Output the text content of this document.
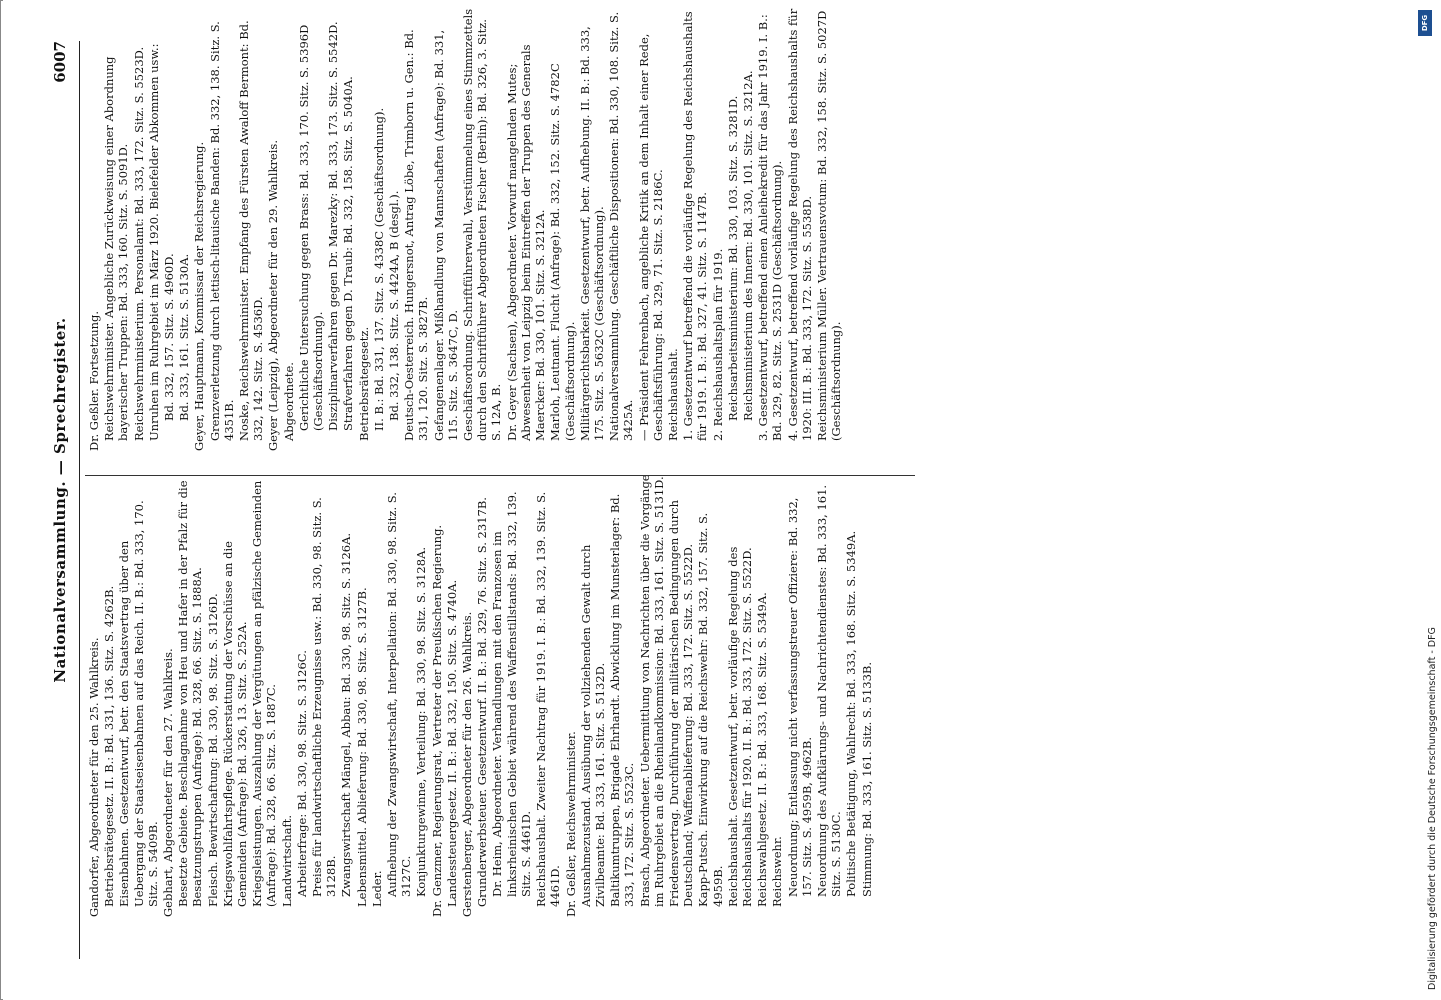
Nationalversammlung. — Sprechregister.
6007
Gandorfer, Abgeordneter für den 25. Wahlkreis. Betriebsrätegesetz. II. B.: Bd. 331, 136. Sitz. S. 4262B. Eisenbahnen. Gesetzentwurf, betr. den Staatsvertrag über den Uebergang der Staatseisenbahnen auf das Reich. II. B.: Bd. 333, 170. Sitz. S. 5409B. Gebhart, Abgeordneter für den 27. Wahlkreis. Besetzte Gebiete. Beschlagnahme von Heu und Hafer in der Pfalz für die Besatzungstruppen (Anfrage): Bd. 328, 66. Sitz. S. 1888A. Fleisch. Bewirtschaftung: Bd. 330, 98. Sitz. S. 3126D. Kriegswohlfahrtspflege. Rückerstattung der Vorschüsse an die Gemeinden (Anfrage): Bd. 326, 13. Sitz. S. 252A. Kriegsleistungen. Auszahlung der Vergütungen an pfälzische Gemeinden (Anfrage): Bd. 328, 66. Sitz. S. 1887C. Landwirtschaft. Arbeiterfrage: Bd. 330, 98. Sitz. S. 3126C. Preise für landwirtschaftliche Erzeugnisse usw.: Bd. 330, 98. Sitz. S. 3128B. Zwangswirtschaft Mängel, Abbau: Bd. 330, 98. Sitz. S. 3126A. Lebensmittel. Ablieferung: Bd. 330, 98. Sitz. S. 3127B. Leder. Aufhebung der Zwangswirtschaft, Interpellation: Bd. 330, 98. Sitz. S. 3127C. Konjunkturgewinne, Verteilung: Bd. 330, 98. Sitz. S. 3128A. Dr. Genzmer, Regierungsrat, Vertreter der Preußischen Regierung. Landessteuergesetz. II. B.: Bd. 332, 150. Sitz. S. 4740A. Gerstenberger, Abgeordneter für den 26. Wahlkreis. Grunderwerbsteuer. Gesetzentwurf. II. B.: Bd. 329, 76. Sitz. S. 2317B. Dr. Heim, Abgeordneter. Verhandlungen mit den Franzosen im linksrheinischen Gebiet während des Waffenstillstands: Bd. 332, 139. Sitz. S. 4461D. Reichshaushalt. Zweiter Nachtrag für 1919. I. B.: Bd. 332, 139. Sitz. S. 4461D. Dr. Geßler, Reichswehrminister. Ausnahmezustand. Ausübung der vollziehenden Gewalt durch Zivilbeamte: Bd. 333, 161. Sitz. S. 5132D. Baltikumtruppen, Brigade Ehrhardt. Abwicklung im Munsterlager: Bd. 333, 172. Sitz. S. 5523C. Brasch, Abgeordneter. Uebermittlung von Nachrichten über die Vorgänge im Ruhrgebiet an die Rheinlandkommission: Bd. 333, 161. Sitz. S. 5131D. Friedensvertrag. Durchführung der militärischen Bedingungen durch Deutschland; Waffenablieferung: Bd. 333, 172. Sitz. S. 5522D. Kapp-Putsch. Einwirkung auf die Reichswehr: Bd. 332, 157. Sitz. S. 4959B. Reichshaushalt. Gesetzentwurf, betr. vorläufige Regelung des Reichshaushalts für 1920. II. B.: Bd. 333, 172. Sitz. S. 5522D. Reichswahlgesetz. II. B.: Bd. 333, 168. Sitz. S. 5349A. Reichswehr. Neuordnung; Entlassung nicht verfassungstreuer Offiziere: Bd. 332, 157. Sitz. S. 4959B, 4962B. Neuordnung des Aufklärungs- und Nachrichtendienstes: Bd. 333, 161. Sitz. S. 5130C. Politische Betätigung, Wahlrecht: Bd. 333, 168. Sitz. S. 5349A. Stimmung: Bd. 333, 161. Sitz. S. 5133B.
Dr. Geßler. Fortsetzung. Reichswehrminister. Angebliche Zurückweisung einer Abordnung bayerischer Truppen: Bd. 333, 160. Sitz. S. 5091D. Reichswehrministerium. Personalamt: Bd. 333, 172. Sitz. S. 5523D. Unruhen im Ruhrgebiet im März 1920. Bielefelder Abkommen usw.: Bd. 332, 157. Sitz. S. 4960D. Bd. 333, 161. Sitz. S. 5130A. Geyer, Hauptmann, Kommissar der Reichsregierung. Grenzverletzung durch lettisch-litauische Banden: Bd. 332, 138. Sitz. S. 4351B. Noske, Reichswehrminister. Empfang des Fürsten Awaloff Bermont: Bd. 332, 142. Sitz. S. 4536D. Geyer (Leipzig), Abgeordneter für den 29. Wahlkreis. Abgeordnete. Gerichtliche Untersuchung gegen Brass: Bd. 333, 170. Sitz. S. 5396D (Geschäftsordnung). Disziplinarverfahren gegen Dr. Marezky: Bd. 333, 173. Sitz. S. 5542D. Strafverfahren gegen D. Traub: Bd. 332, 158. Sitz. S. 5040A. Betriebsrätegesetz. II. B.: Bd. 331, 137. Sitz. S. 4338C (Geschäftsordnung). Bd. 332, 138. Sitz. S. 4424A, B (desgl.). Deutsch-Oesterreich. Hungersnot, Antrag Löbe, Trimborn u. Gen.: Bd. 331, 120. Sitz. S. 3827B. Gefangenenlager. Mißhandlung von Mannschaften (Anfrage): Bd. 331, 115. Sitz. S. 3647C, D. Geschäftsordnung. Schriftführerwahl, Verstümmelung eines Stimmzettels durch den Schriftführer Abgeordneten Fischer (Berlin): Bd. 326, 3. Sitz. S. 12A, B. Dr. Geyer (Sachsen), Abgeordneter. Vorwurf mangelnden Mutes; Abwesenheit von Leipzig beim Eintreffen der Truppen des Generals Maercker: Bd. 330, 101. Sitz. S. 3212A. Marloh, Leutnant. Flucht (Anfrage): Bd. 332, 152. Sitz. S. 4782C (Geschäftsordnung). Militärgerichtsbarkeit. Gesetzentwurf, betr. Aufhebung. II. B.: Bd. 333, 175. Sitz. S. 5632C (Geschäftsordnung). Nationalversammlung. Geschäftliche Dispositionen: Bd. 330, 108. Sitz. S. 3425A. — Präsident Fehrenbach, angebliche Kritik an dem Inhalt einer Rede, Geschäftsführung: Bd. 329, 71. Sitz. S. 2186C. Reichshaushalt. 1. Gesetzentwurf betreffend die vorläufige Regelung des Reichshaushalts für 1919. I. B.: Bd. 327, 41. Sitz. S. 1147B. 2. Reichshaushaltsplan für 1919. Reichsarbeitsministerium: Bd. 330, 103. Sitz. S. 3281D. Reichsministerium des Innern: Bd. 330, 101. Sitz. S. 3212A. 3. Gesetzentwurf, betreffend einen Anleihekredit für das Jahr 1919. I. B.: Bd. 329, 82. Sitz. S. 2531D (Geschäftsordnung). 4. Gesetzentwurf, betreffend vorläufige Regelung des Reichshaushalts für 1920: III. B.: Bd. 333, 172. Sitz. S. 5538D. Reichsministerium Müller. Vertrauensvotum: Bd. 332, 158. Sitz. S. 5027D (Geschäftsordnung).
Digitalisierung gefördert durch die Deutsche Forschungsgemeinschaft - DFG
DFG
